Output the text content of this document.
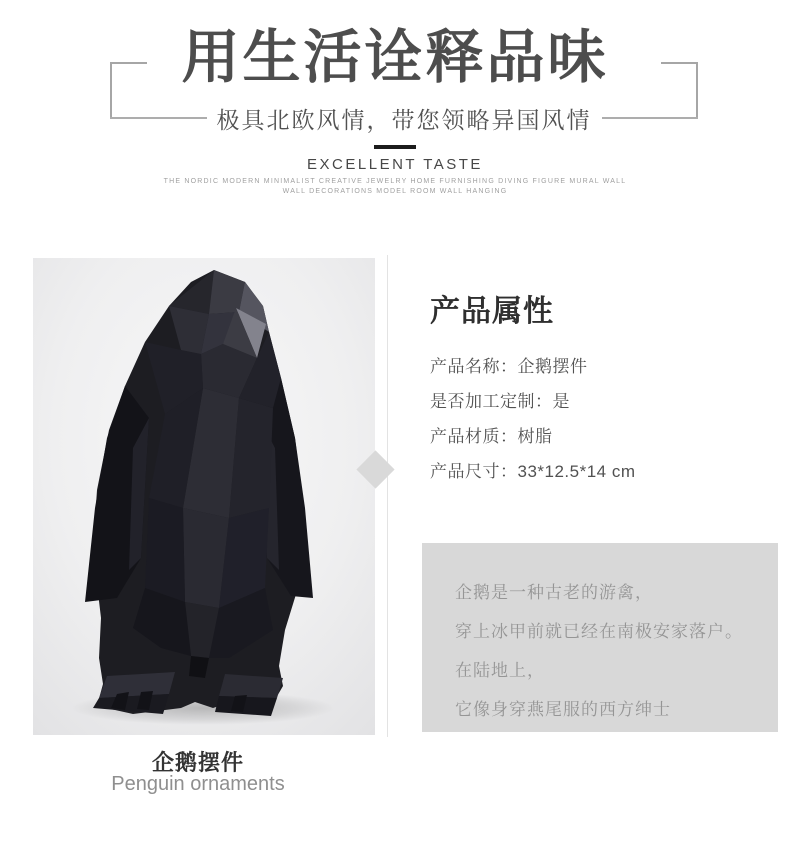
用生活诠释品味
极具北欧风情，带您领略异国风情
EXCELLENT TASTE
THE NORDIC MODERN MINIMALIST CREATIVE JEWELRY HOME FURNISHING DIVING FIGURE MURAL WALL
WALL DECORATIONS MODEL ROOM WALL HANGING
产品属性
产品名称：企鹅摆件
是否加工定制：是
产品材质：树脂
产品尺寸：33*12.5*14 cm
企鹅是一种古老的游禽，
穿上冰甲前就已经在南极安家落户。
在陆地上，
它像身穿燕尾服的西方绅士
企鹅摆件
Penguin ornaments
